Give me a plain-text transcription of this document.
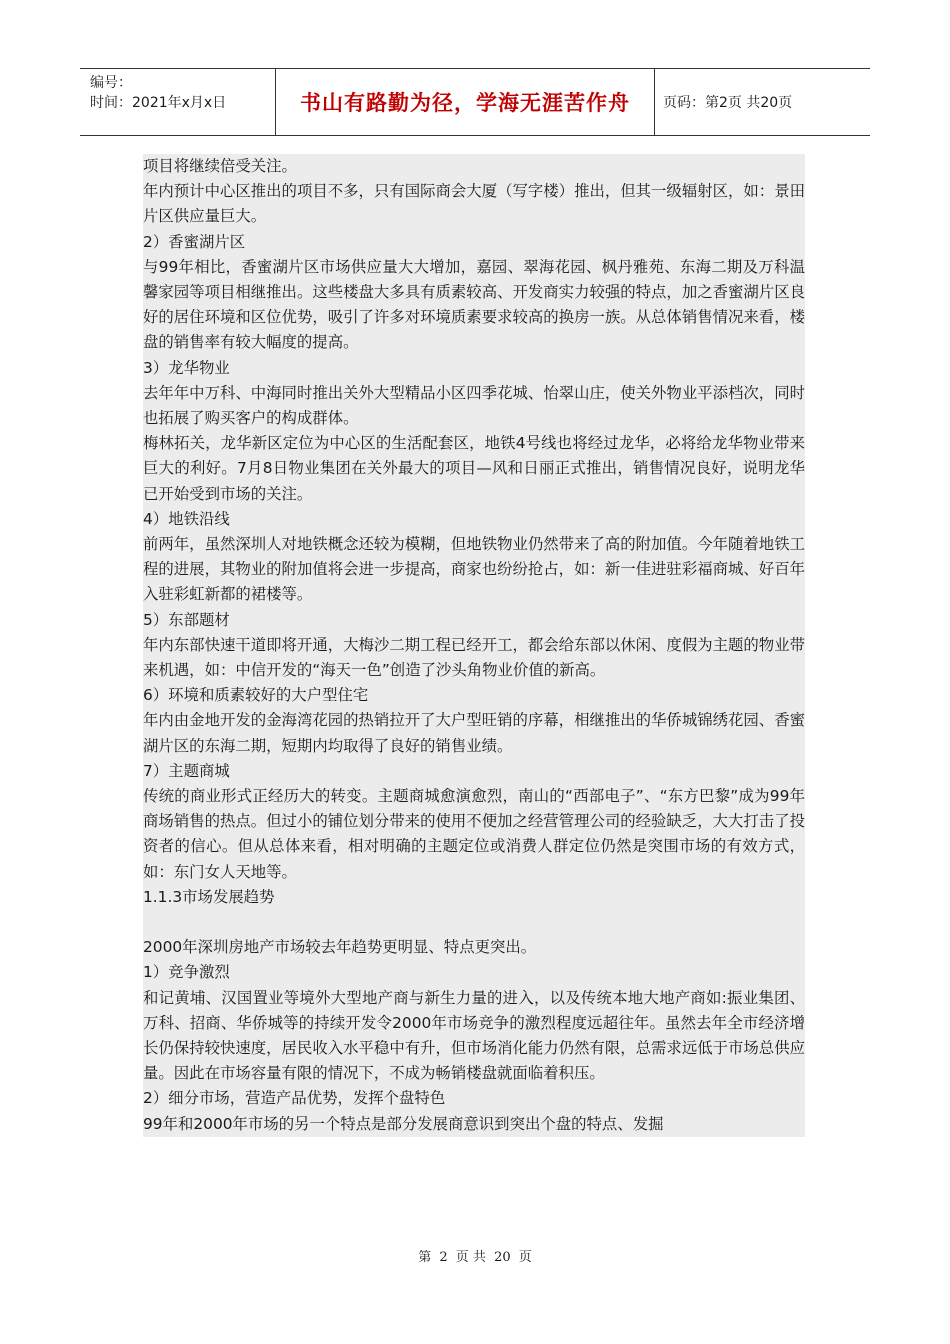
编号：
时间：2021年x月x日	书山有路勤为径，学海无涯苦作舟	页码：第2页 共20页

项目将继续倍受关注。

年内预计中心区推出的项目不多，只有国际商会大厦（写字楼）推出，但其一级辐射区，如：景田片区供应量巨大。

2）香蜜湖片区

与99年相比，香蜜湖片区市场供应量大大增加，嘉园、翠海花园、枫丹雅苑、东海二期及万科温馨家园等项目相继推出。这些楼盘大多具有质素较高、开发商实力较强的特点，加之香蜜湖片区良好的居住环境和区位优势，吸引了许多对环境质素要求较高的换房一族。从总体销售情况来看，楼盘的销售率有较大幅度的提高。

3）龙华物业

去年年中万科、中海同时推出关外大型精品小区四季花城、怡翠山庄，使关外物业平添档次，同时也拓展了购买客户的构成群体。

梅林拓关，龙华新区定位为中心区的生活配套区，地铁4号线也将经过龙华，必将给龙华物业带来巨大的利好。7月8日物业集团在关外最大的项目—风和日丽正式推出，销售情况良好，说明龙华已开始受到市场的关注。

4）地铁沿线

前两年，虽然深圳人对地铁概念还较为模糊，但地铁物业仍然带来了高的附加值。今年随着地铁工程的进展，其物业的附加值将会进一步提高，商家也纷纷抢占，如：新一佳进驻彩福商城、好百年入驻彩虹新都的裙楼等。

5）东部题材

年内东部快速干道即将开通，大梅沙二期工程已经开工，都会给东部以休闲、度假为主题的物业带来机遇，如：中信开发的“海天一色”创造了沙头角物业价值的新高。

6）环境和质素较好的大户型住宅

年内由金地开发的金海湾花园的热销拉开了大户型旺销的序幕，相继推出的华侨城锦绣花园、香蜜湖片区的东海二期，短期内均取得了良好的销售业绩。

7）主题商城

传统的商业形式正经历大的转变。主题商城愈演愈烈，南山的“西部电子”、“东方巴黎”成为99年商场销售的热点。但过小的铺位划分带来的使用不便加之经营管理公司的经验缺乏，大大打击了投资者的信心。但从总体来看，相对明确的主题定位或消费人群定位仍然是突围市场的有效方式，如：东门女人天地等。

1.1.3市场发展趋势

2000年深圳房地产市场较去年趋势更明显、特点更突出。

1）竞争激烈

和记黄埔、汉国置业等境外大型地产商与新生力量的进入，以及传统本地大地产商如:振业集团、万科、招商、华侨城等的持续开发令2000年市场竞争的激烈程度远超往年。虽然去年全市经济增长仍保持较快速度，居民收入水平稳中有升，但市场消化能力仍然有限，总需求远低于市场总供应量。因此在市场容量有限的情况下，不成为畅销楼盘就面临着积压。

2）细分市场，营造产品优势，发挥个盘特色

99年和2000年市场的另一个特点是部分发展商意识到突出个盘的特点、发掘

第 2 页 共 20 页
